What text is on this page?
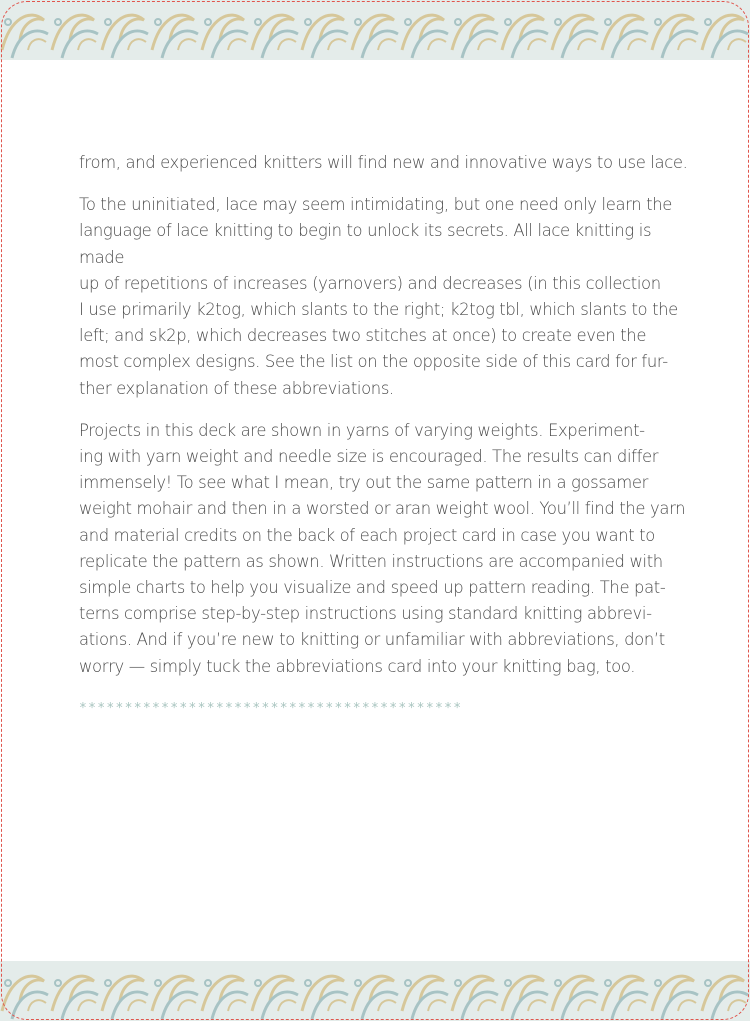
from, and experienced knitters will find new and innovative ways to use lace.

To the uninitiated, lace may seem intimidating, but one need only learn the
language of lace knitting to begin to unlock its secrets. All lace knitting is made
up of repetitions of increases (yarnovers) and decreases (in this collection
I use primarily k2tog, which slants to the right; k2tog tbl, which slants to the
left; and sk2p, which decreases two stitches at once) to create even the
most complex designs. See the list on the opposite side of this card for fur-
ther explanation of these abbreviations.

Projects in this deck are shown in yarns of varying weights. Experiment-
ing with yarn weight and needle size is encouraged. The results can differ
immensely! To see what I mean, try out the same pattern in a gossamer
weight mohair and then in a worsted or aran weight wool. You’ll find the yarn
and material credits on the back of each project card in case you want to
replicate the pattern as shown. Written instructions are accompanied with
simple charts to help you visualize and speed up pattern reading. The pat-
terns comprise step-by-step instructions using standard knitting abbrevi-
ations. And if you’re new to knitting or unfamiliar with abbreviations, don’t
worry — simply tuck the abbreviations card into your knitting bag, too.

******************************************
